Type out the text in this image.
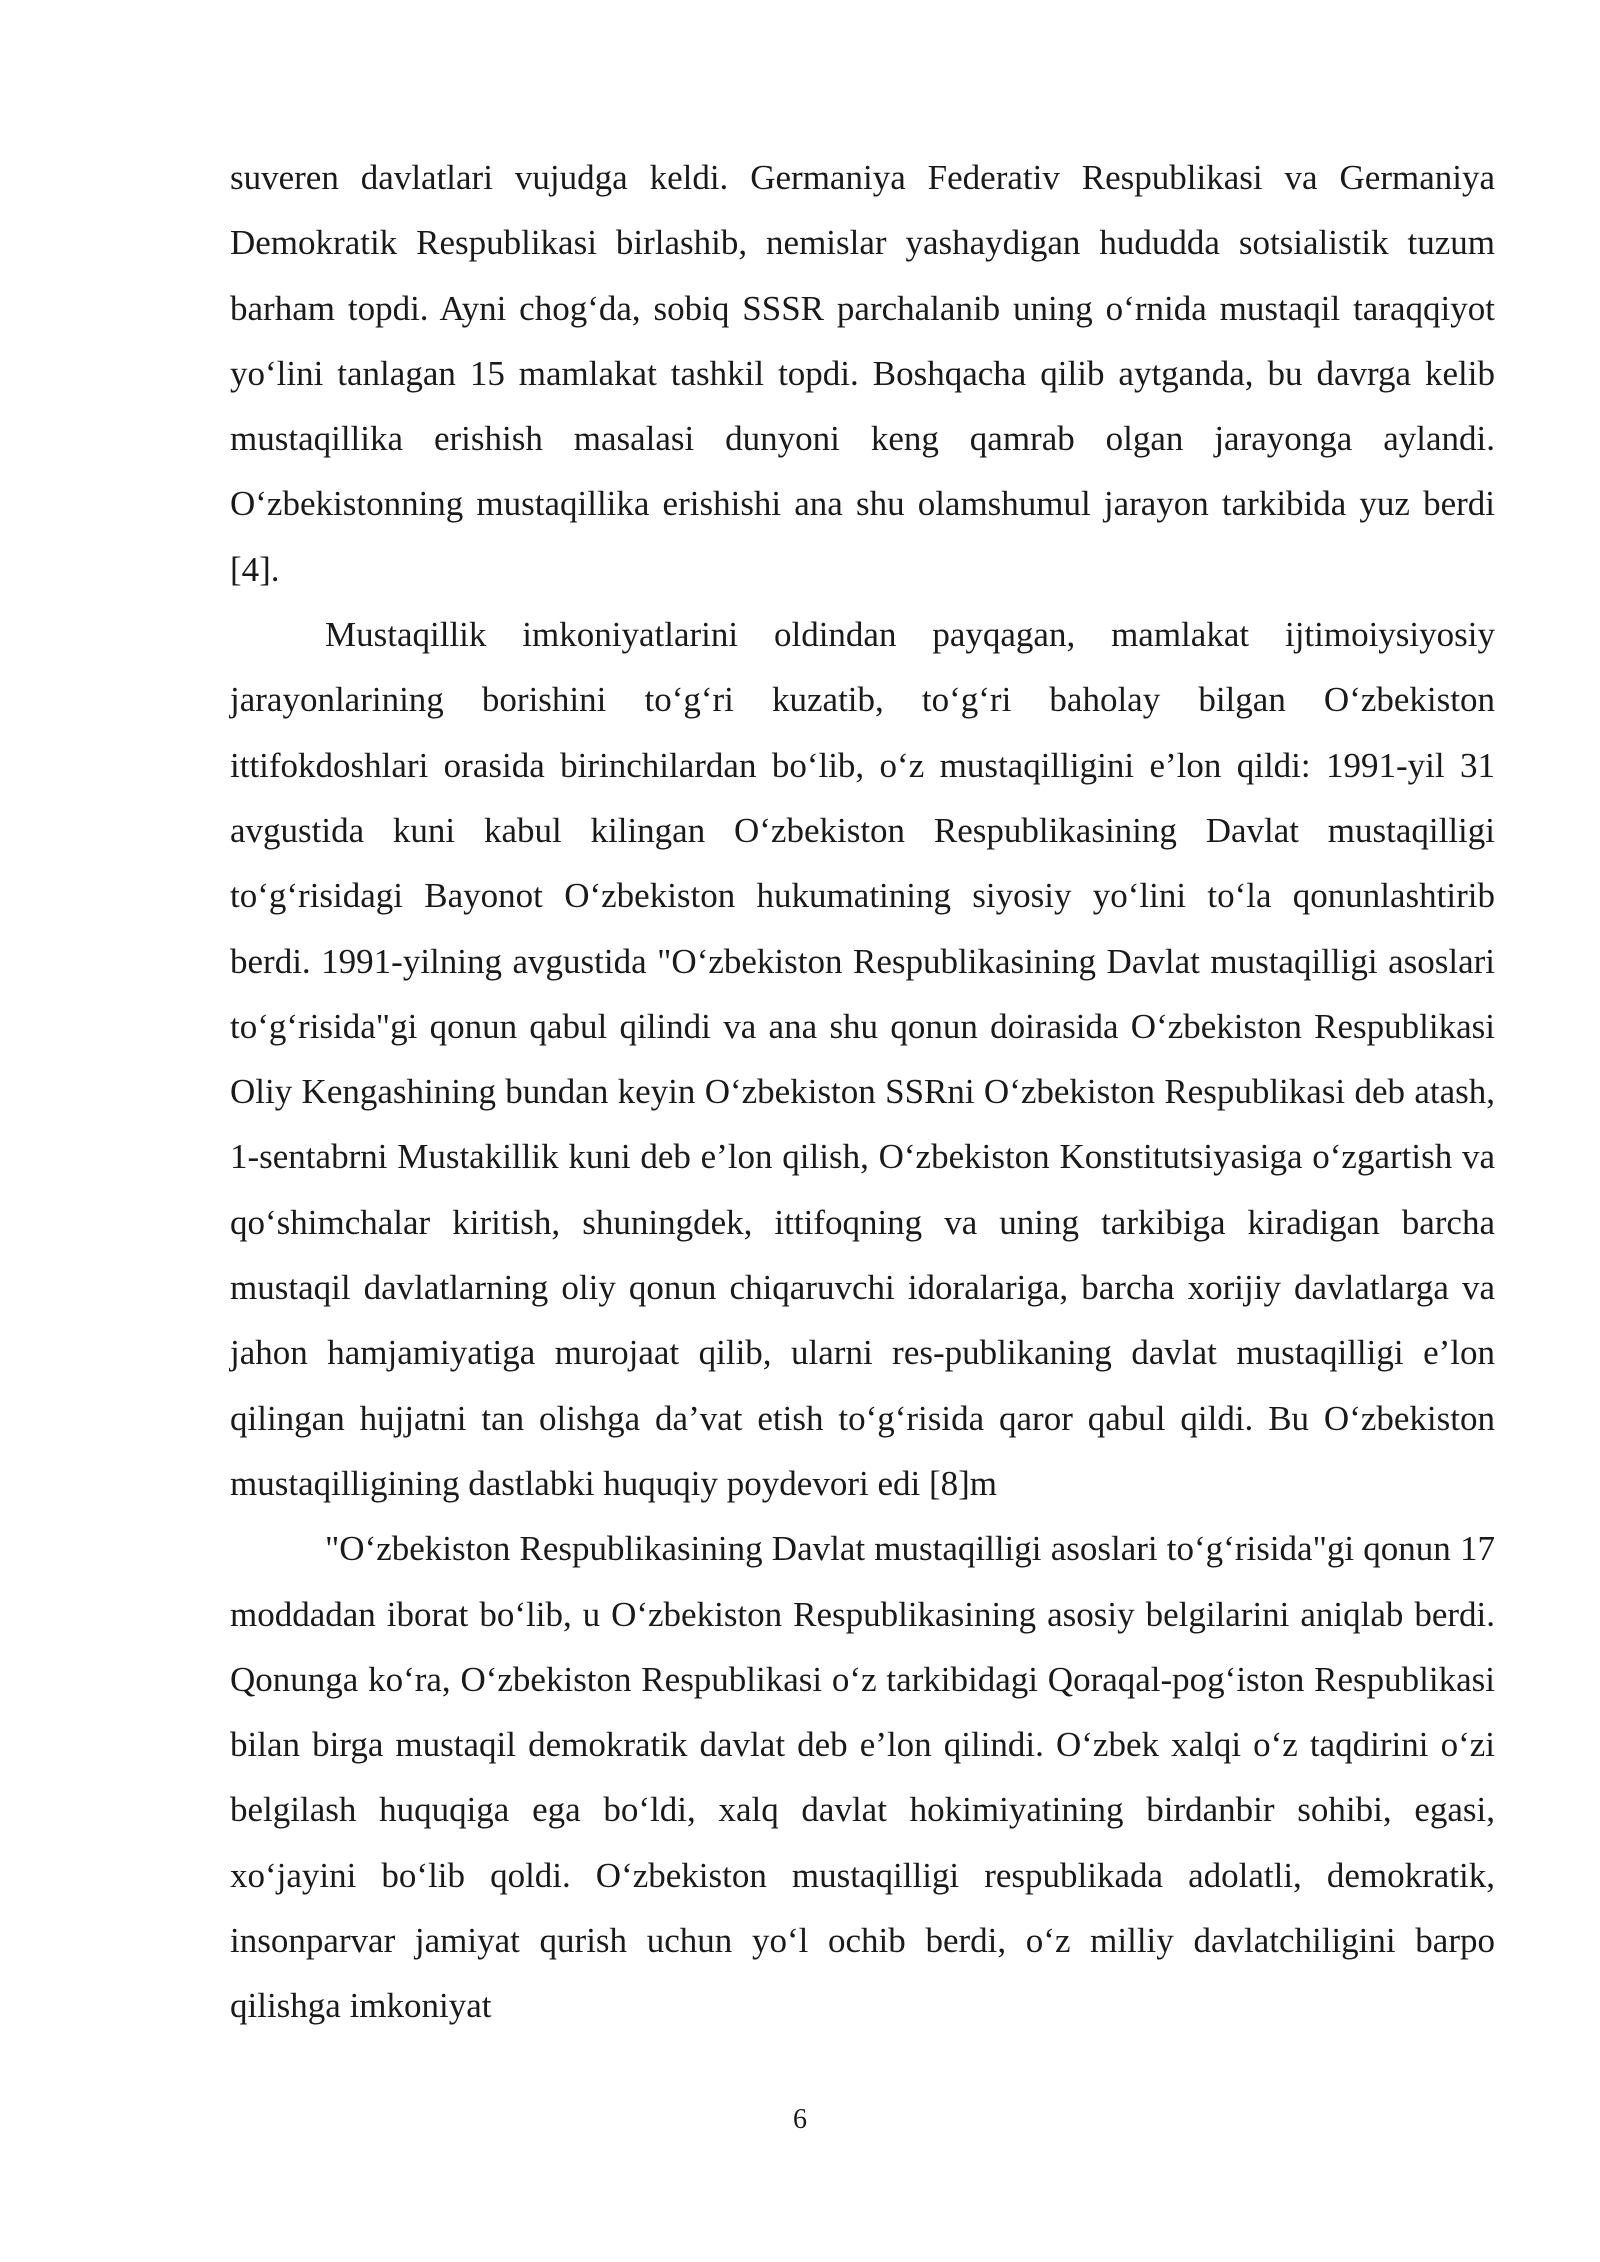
suveren davlatlari vujudga keldi. Germaniya Federativ Respublikasi va Germaniya Demokratik Respublikasi birlashib, nemislar yashaydigan hududda sotsialistik tuzum barham topdi. Ayni chog‘da, sobiq SSSR parchalanib uning o‘rnida mustaqil taraqqiyot yo‘lini tanlagan 15 mamlakat tashkil topdi. Boshqacha qilib aytganda, bu davrga kelib mustaqillika erishish masalasi dunyoni keng qamrab olgan jarayonga aylandi. O‘zbekistonning mustaqillika erishishi ana shu olamshumul jarayon tarkibida yuz berdi [4].

Mustaqillik imkoniyatlarini oldindan payqagan, mamlakat ijtimoiysiyosiy jarayonlarining borishini to‘g‘ri kuzatib, to‘g‘ri baholay bilgan O‘zbekiston ittifokdoshlari orasida birinchilardan bo‘lib, o‘z mustaqilligini e’lon qildi: 1991-yil 31 avgustida kuni kabul kilingan O‘zbekiston Respublikasining Davlat mustaqilligi to‘g‘risidagi Bayonot O‘zbekiston hukumatining siyosiy yo‘lini to‘la qonunlashtirib berdi. 1991-yilning avgustida "O‘zbekiston Respublikasining Davlat mustaqilligi asoslari to‘g‘risida"gi qonun qabul qilindi va ana shu qonun doirasida O‘zbekiston Respublikasi Oliy Kengashining bundan keyin O‘zbekiston SSRni O‘zbekiston Respublikasi deb atash, 1-sentabrni Mustakillik kuni deb e’lon qilish, O‘zbekiston Konstitutsiyasiga o‘zgartish va qo‘shimchalar kiritish, shuningdek, ittifoqning va uning tarkibiga kiradigan barcha mustaqil davlatlarning oliy qonun chiqaruvchi idoralariga, barcha xorijiy davlatlarga va jahon hamjamiyatiga murojaat qilib, ularni res-publikaning davlat mustaqilligi e’lon qilingan hujjatni tan olishga da’vat etish to‘g‘risida qaror qabul qildi. Bu O‘zbekiston mustaqilligining dastlabki huquqiy poydevori edi [8]m

"O‘zbekiston Respublikasining Davlat mustaqilligi asoslari to‘g‘risida"gi qonun 17 moddadan iborat bo‘lib, u O‘zbekiston Respublikasining asosiy belgilarini aniqlab berdi. Qonunga ko‘ra, O‘zbekiston Respublikasi o‘z tarkibidagi Qoraqal-pog‘iston Respublikasi bilan birga mustaqil demokratik davlat deb e’lon qilindi. O‘zbek xalqi o‘z taqdirini o‘zi belgilash huquqiga ega bo‘ldi, xalq davlat hokimiyatining birdanbir sohibi, egasi, xo‘jayini bo‘lib qoldi. O‘zbekiston mustaqilligi respublikada adolatli, demokratik, insonparvar jamiyat qurish uchun yo‘l ochib berdi, o‘z milliy davlatchiligini barpo qilishga imkoniyat

6
